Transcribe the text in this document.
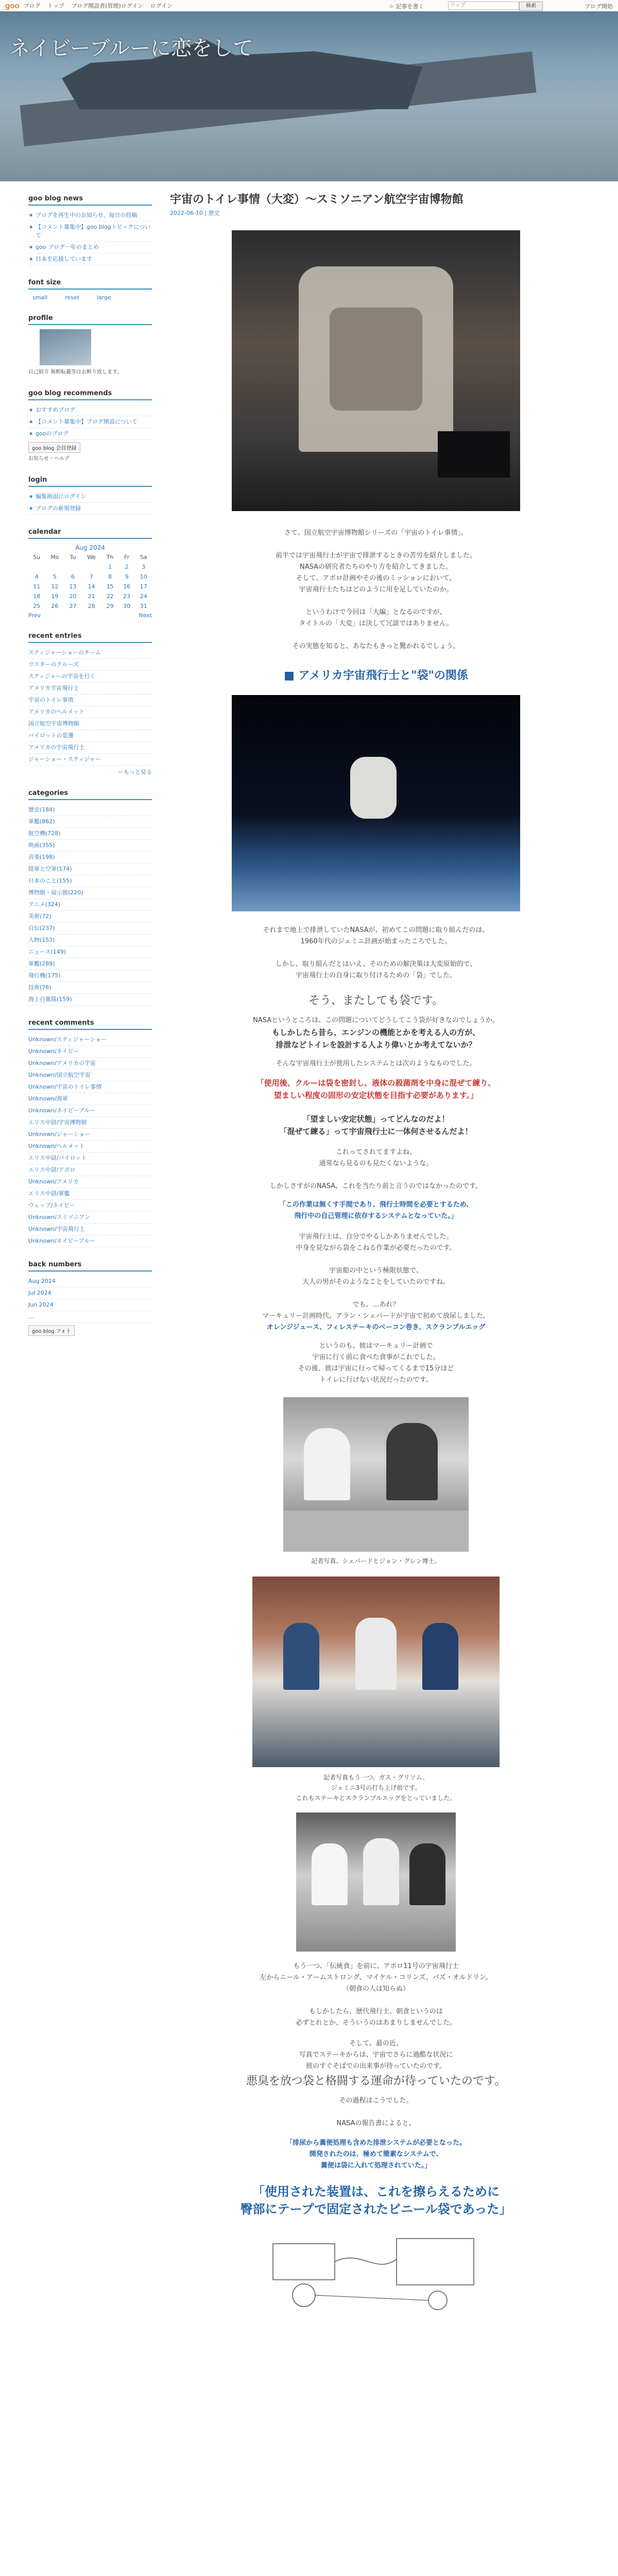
goo ブログ トップ ブログ開設者(管理)ログイン ログイン	☆ 記事を書く	ウェブ	検索	ブログ開始
ネイビーブルーに恋をして
goo blog news
▪ ブログを再生中のお知らせ、毎日の投稿
▪ 【コメント募集中】goo blogトピックについて
▪ goo ブログ一年のまとめ
▪ 日本を応援しています
font size
small	reset	large
profile
自己紹介 無断転載等はお断り致します。
goo blog recommends
▪ おすすめブログ
▪ 【コメント募集中】ブログ開設について
▪ gooのブログ
goo blog 会員登録
お知らせ・ヘルプ
login
▪ 編集画面にログイン
▪ ブログの新規登録
calendar
Aug 2024
Su	Mo	Tu	We	Th	Fr	Sa
				1	2	3
4	5	6	7	8	9	10
11	12	13	14	15	16	17
18	19	20	21	22	23	24
25	26	27	28	29	30	31
Prev	Next
recent entries
スティジャーショーのチーム
ウスターのクルーズ
スティジャーの宇宙を行く
アメリカ宇宙飛行士
宇宙のトイレ事情
アメリカのヘルメット
国立航空宇宙博物館
パイロットの変遷
アメリカの宇宙飛行士
ジャーショー・スティジャー
ーもっと見る
categories
歴史(184)
軍艦(862)
航空機(728)
映画(355)
音楽(198)
陸軍と空軍(174)
日本のこと(155)
博物館・展示館(220)
アニメ(324)
美術(72)
自伝(237)
人物(153)
ニュース(149)
軍艦(289)
飛行機(175)
技術(76)
海上自衛隊(159)
recent comments
Unknown/スティジャーショー
Unknown/ネイビー
Unknown/アメリカの宇宙
Unknown/国立航空宇宙
Unknown/宇宙のトイレ事情
Unknown/海軍
Unknown/ネイビーブルー
エリス中尉/宇宙博物館
Unknown/ジャーショー
Unknown/ヘルメット
エリス中尉/パイロット
エリス中尉/アポロ
Unknown/アメリカ
エリス中尉/軍艦
ウェッブ/ネイビー
Unknown/スミソニアン
Unknown/宇宙飛行士
Unknown/ネイビーブルー
back numbers
Aug 2024
Jul 2024
Jun 2024
...
goo blog フォト
宇宙のトイレ事情（大変）〜スミソニアン航空宇宙博物館
2022-06-10 | 歴史

さて、国立航空宇宙博物館シリーズの「宇宙のトイレ事情」。

前半では宇宙飛行士が宇宙で排泄するときの苦労を紹介しました。

NASAの研究者たちのやり方を紹介してきました。

そして、アポロ計画やその後のミッションにおいて、

宇宙飛行士たちはどのように用を足していたのか。

というわけで今回は「大編」となるのですが、

タイトルの「大変」は決して冗談ではありません。

その実態を知ると、あなたもきっと驚かれるでしょう。

■ アメリカ宇宙飛行士と"袋"の関係

それまで地上で排泄していたNASAが、初めてこの問題に取り組んだのは、

1960年代のジェミニ計画が始まったころでした。

しかし、取り組んだとはいえ、そのための解決策は大変原始的で、

宇宙飛行士の自身に取り付けるための「袋」でした。

そう、またしても袋です。

NASAというところは、この問題についてどうしてこう袋が好きなのでしょうか。

もしかしたら昔ら、エンジンの機能とかを考える人の方が、

排泄などトイレを設計する人より偉いとか考えてないか？

そんな宇宙飛行士が使用したシステムとは次のようなものでした。

「使用後、クルーは袋を密封し、液体の殺菌剤を中身に混ぜて練り、

望ましい程度の固形の安定状態を目指す必要があります。」

「望ましい安定状態」ってどんなのだよ！

「混ぜて練る」って宇宙飛行士に一体何させるんだよ！

これってされてますよね、

通常なら見るのも見たくないような。

しかしさすがのNASA、これを当たり前と言うのではなかったのです。

「この作業は無くす手間であり、飛行士時間を必要とするため、

飛行中の自己管理に依存するシステムとなっていた。」

宇宙飛行士は、自分でやるしかありませんでした。

中身を見ながら袋をこねる作業が必要だったのです。

宇宙船の中という極限状態で、

大人の男がそのようなことをしていたのですね。

でも、…あれ？

マーキュリー計画時代、アラン・シェパードが宇宙で初めて放尿しました。

オレンジジュース、フィレステーキのベーコン巻き、スクランブルエッグ

というのも、彼はマーキュリー計画で

宇宙に行く前に食べた食事がこれでした。

その後、彼は宇宙に行って帰ってくるまで15分ほど

トイレに行けない状況だったのです。

記者写真、シェパードとジョン・グレン博士。

記者写真もう一つ。ガス・グリソム。

ジェミニ3号の打ち上げ前です。

これもステーキとスクランブルエッグをとっていました。

もう一つ、「伝統食」を前に、アポロ11号の宇宙飛行士

左からニール・アームストロング、マイケル・コリンズ、バズ・オルドリン。

（朝食の人は知らぬ）

もしかしたら、歴代飛行士、朝食というのは

必ずとれとか、そういうのはあまりしませんでした。

そして、最の近、

写真でステーキからは、宇宙でさらに過酷な状況に

彼のすぐそばでの出来事が待っていたのです。

悪臭を放つ袋と格闘する運命が待っていたのです。

その過程はこうでした。

NASAの報告書によると、

「排尿から糞便処理も含めた排泄システムが必要となった。

開発されたのは、極めて簡素なシステムで、

糞便は袋に入れて処理されていた。」

「使用された装置は、これを擦らえるために

臀部にテープで固定されたビニール袋であった」
